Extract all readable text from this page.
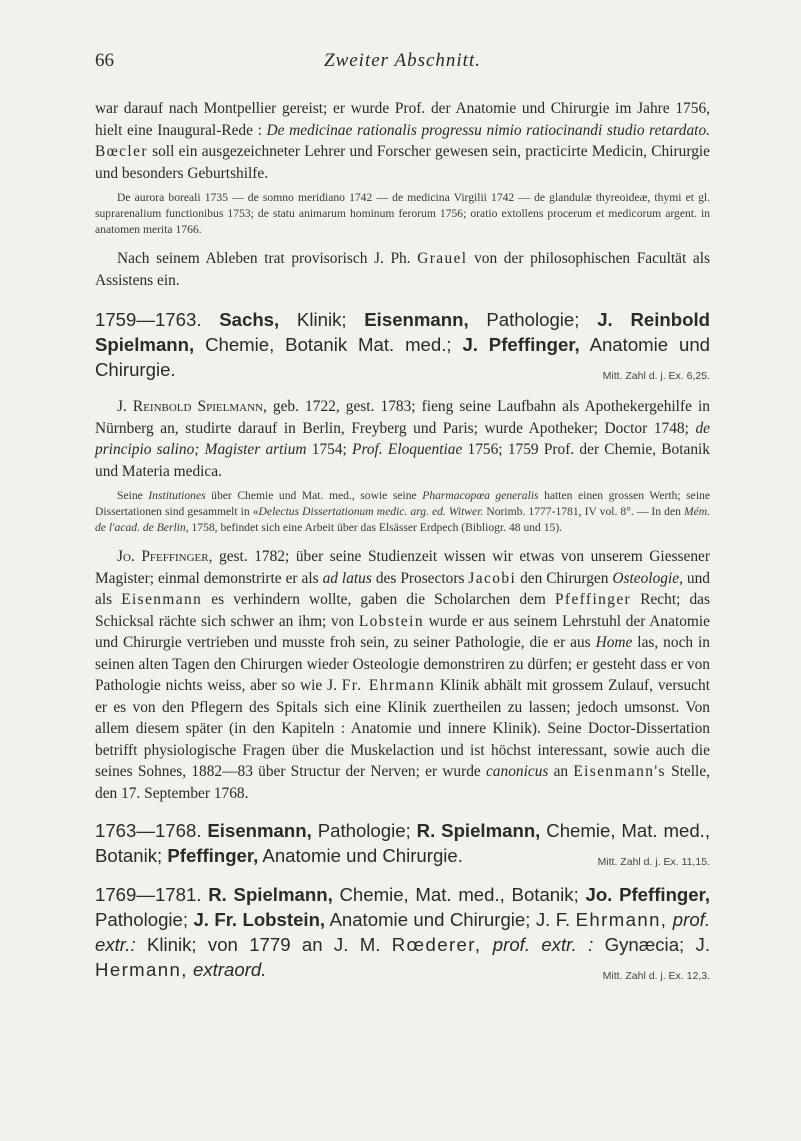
66	Zweiter Abschnitt.

war darauf nach Montpellier gereist; er wurde Prof. der Anatomie und Chirurgie im Jahre 1756, hielt eine Inaugural-Rede : De medicinae rationalis progressu nimio ratiocinandi studio retardato. Bœcler soll ein ausgezeichneter Lehrer und Forscher gewesen sein, practicirte Medicin, Chirurgie und besonders Geburtshilfe.

De aurora boreali 1735 — de somno meridiano 1742 — de medicina Virgilii 1742 — de glandulæ thyreoideæ, thymi et gl. suprarenalium functionibus 1753; de statu animarum hominum ferorum 1756; oratio extollens procerum et medicorum argent. in anatomen merita 1766.

Nach seinem Ableben trat provisorisch J. Ph. Grauel von der philosophischen Facultät als Assistens ein.

1759—1763. Sachs, Klinik; Eisenmann, Pathologie; J. Reinbold Spielmann, Chemie, Botanik Mat. med.; J. Pfeffinger, Anatomie und Chirurgie.	Mitt. Zahl d. j. Ex. 6,25.

J. Reinbold Spielmann, geb. 1722, gest. 1783; fieng seine Laufbahn als Apothekergehilfe in Nürnberg an, studirte darauf in Berlin, Freyberg und Paris; wurde Apotheker; Doctor 1748; de principio salino; Magister artium 1754; Prof. Eloquentiae 1756; 1759 Prof. der Chemie, Botanik und Materia medica.

Seine Institutiones über Chemie und Mat. med., sowie seine Pharmacopœa generalis hatten einen grossen Werth; seine Dissertationen sind gesammelt in «Delectus Dissertationum medic. arg. ed. Witwer. Norimb. 1777-1781, IV vol. 8°. — In den Mém. de l'acad. de Berlin, 1758, befindet sich eine Arbeit über das Elsässer Erdpech (Bibliogr. 48 und 15).

Jo. Pfeffinger, gest. 1782; über seine Studienzeit wissen wir etwas von unserem Giessener Magister; einmal demonstrirte er als ad latus des Prosectors Jacobi den Chirurgen Osteologie, und als Eisenmann es verhindern wollte, gaben die Scholarchen dem Pfeffinger Recht; das Schicksal rächte sich schwer an ihm; von Lobstein wurde er aus seinem Lehrstuhl der Anatomie und Chirurgie vertrieben und musste froh sein, zu seiner Pathologie, die er aus Home las, noch in seinen alten Tagen den Chirurgen wieder Osteologie demonstriren zu dürfen; er gesteht dass er von Pathologie nichts weiss, aber so wie J. Fr. Ehrmann Klinik abhält mit grossem Zulauf, versucht er es von den Pflegern des Spitals sich eine Klinik zuertheilen zu lassen; jedoch umsonst. Von allem diesem später (in den Kapiteln : Anatomie und innere Klinik). Seine Doctor-Dissertation betrifft physiologische Fragen über die Muskelaction und ist höchst interessant, sowie auch die seines Sohnes, 1882—83 über Structur der Nerven; er wurde canonicus an Eisenmann's Stelle, den 17. September 1768.

1763—1768. Eisenmann, Pathologie; R. Spielmann, Chemie, Mat. med., Botanik; Pfeffinger, Anatomie und Chirurgie.	Mitt. Zahl d. j. Ex. 11,15.

1769—1781. R. Spielmann, Chemie, Mat. med., Botanik; Jo. Pfeffinger, Pathologie; J. Fr. Lobstein, Anatomie und Chirurgie; J. F. Ehrmann, prof. extr.: Klinik; von 1779 an J. M. Rœderer, prof. extr. : Gynæcia; J. Hermann, extraord.	Mitt. Zahl d. j. Ex. 12,3.
